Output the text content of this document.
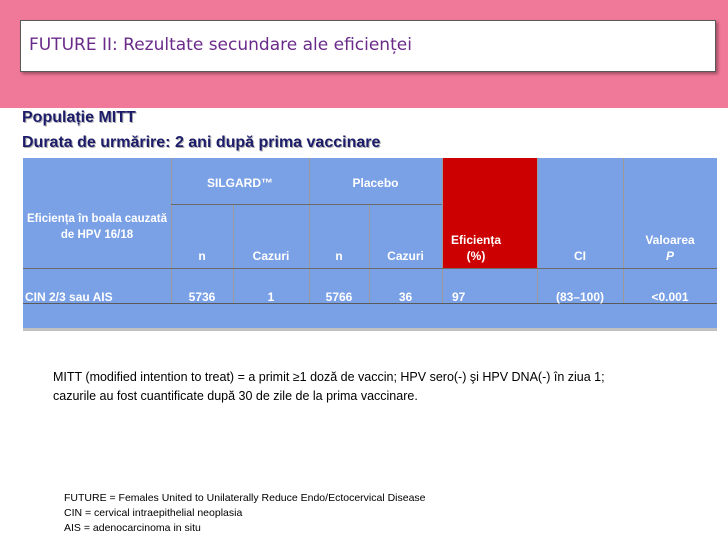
FUTURE II: Rezultate secundare ale eficienței
Populație MITT
Durata de urmărire: 2 ani după prima vaccinare
Eficiența în boala cauzată de HPV 16/18
SILGARD™	Placebo
n	Cazuri	n	Cazuri
Eficiența (%)	CI
Valoarea
P
CIN 2/3 sau AIS	5736	1	5766	36	97	(83–100)	<0.001
MITT (modified intention to treat) = a primit ≥1 doză de vaccin; HPV sero(-) şi HPV DNA(-) în ziua 1;
cazurile au fost cuantificate după 30 de zile de la prima vaccinare.
FUTURE = Females United to Unilaterally Reduce Endo/Ectocervical Disease
CIN = cervical intraepithelial neoplasia
AIS = adenocarcinoma in situ
